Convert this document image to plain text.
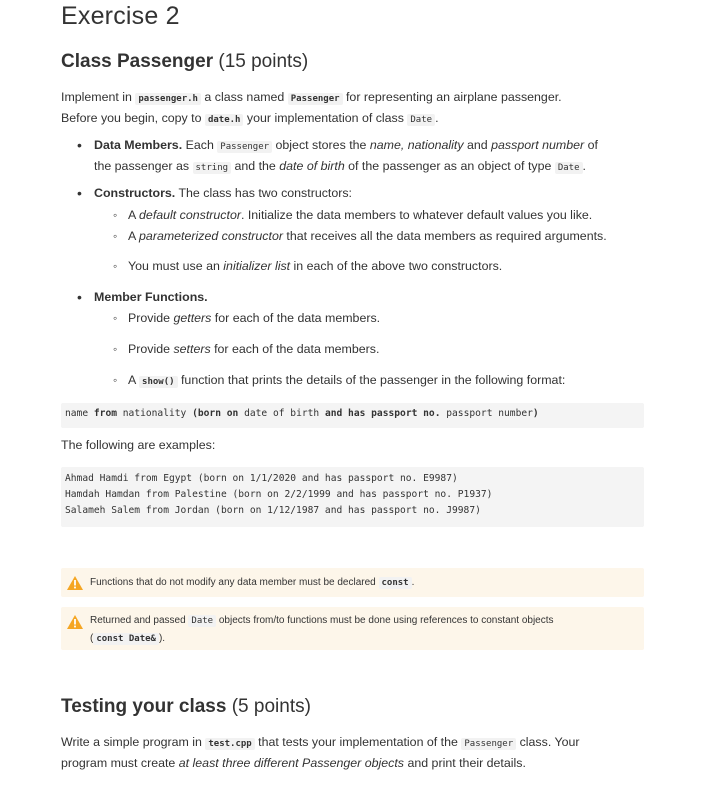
Exercise 2
Class Passenger (15 points)
Implement in passenger.h a class named Passenger for representing an airplane passenger.
Before you begin, copy to date.h your implementation of class Date .
• Data Members. Each Passenger object stores the name, nationality and passport number of
the passenger as string and the date of birth of the passenger as an object of type Date .
• Constructors. The class has two constructors:
◦ A default constructor. Initialize the data members to whatever default values you like.
◦ A parameterized constructor that receives all the data members as required arguments.
◦ You must use an initializer list in each of the above two constructors.
• Member Functions.
◦ Provide getters for each of the data members.
◦ Provide setters for each of the data members.
◦ A show() function that prints the details of the passenger in the following format:
name from nationality (born on date of birth and has passport no. passport number)
The following are examples:
Ahmad Hamdi from Egypt (born on 1/1/2020 and has passport no. E9987)
Hamdah Hamdan from Palestine (born on 2/2/1999 and has passport no. P1937)
Salameh Salem from Jordan (born on 1/12/1987 and has passport no. J9987)
Functions that do not modify any data member must be declared const .
Returned and passed Date objects from/to functions must be done using references to constant objects
( const Date& ).
Testing your class (5 points)
Write a simple program in test.cpp that tests your implementation of the Passenger class. Your
program must create at least three different Passenger objects and print their details.
